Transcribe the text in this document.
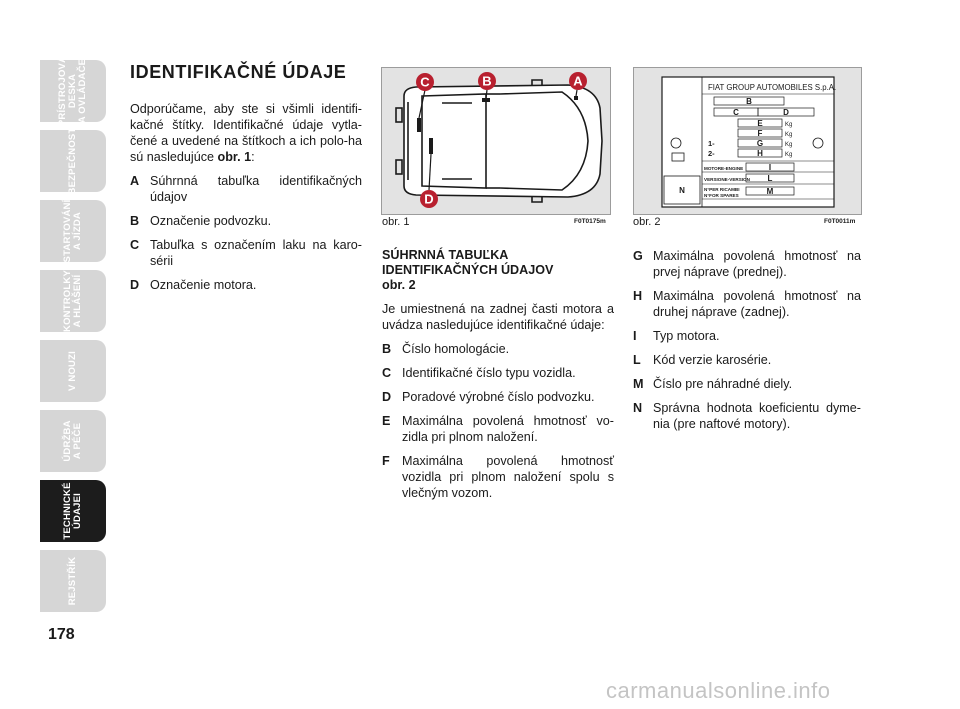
PRÍSTROJOVÁ
DESKA
A OVLÁDAČE
BEZPEČNOST
STARTOVÁNÍ
A JÍZDA
KONTROLKY
A HLÁŠENÍ
V NOUZI
ÚDRŽBA
A PÉČE
TECHNICKÉ
ÚDAJEI
REJSTŘÍK
178
IDENTIFIKAČNÉ ÚDAJE

Odporúčame, aby ste si všimli identifi-kačné štítky. Identifikačné údaje vytla-čené a uvedené na štítkoch a ich polo-ha sú nasledujúce obr. 1:

A Súhrnná tabuľka identifikačných údajov
B Označenie podvozku.
C Tabuľka s označením laku na karo-sérii
D Označenie motora.
C	B	A
D
obr. 1	F0T0175m
FIAT GROUP AUTOMOBILES S.p.A.
B
C	D
E
F
G
H
I
L
M
N
Kg
Kg
Kg
Kg
1-
2-
MOTORE-ENGINE
VERSIONE-VERSION
N°PER RICAMBI
N°FOR SPARES
obr. 2	F0T0011m
SÚHRNNÁ TABUĽKA IDENTIFIKAČNÝCH ÚDAJOV
obr. 2

Je umiestnená na zadnej časti motora a uvádza nasledujúce identifikačné údaje:

B Číslo homologácie.
C Identifikačné číslo typu vozidla.
D Poradové výrobné číslo podvozku.
E Maximálna povolená hmotnosť vo-zidla pri plnom naložení.
F Maximálna povolená hmotnosť vozidla pri plnom naložení spolu s vlečným vozom.
G Maximálna povolená hmotnosť na prvej náprave (prednej).
H Maximálna povolená hmotnosť na druhej náprave (zadnej).
I Typ motora.
L Kód verzie karosérie.
M Číslo pre náhradné diely.
N Správna hodnota koeficientu dyme-nia (pre naftové motory).
carmanualsonline.info
